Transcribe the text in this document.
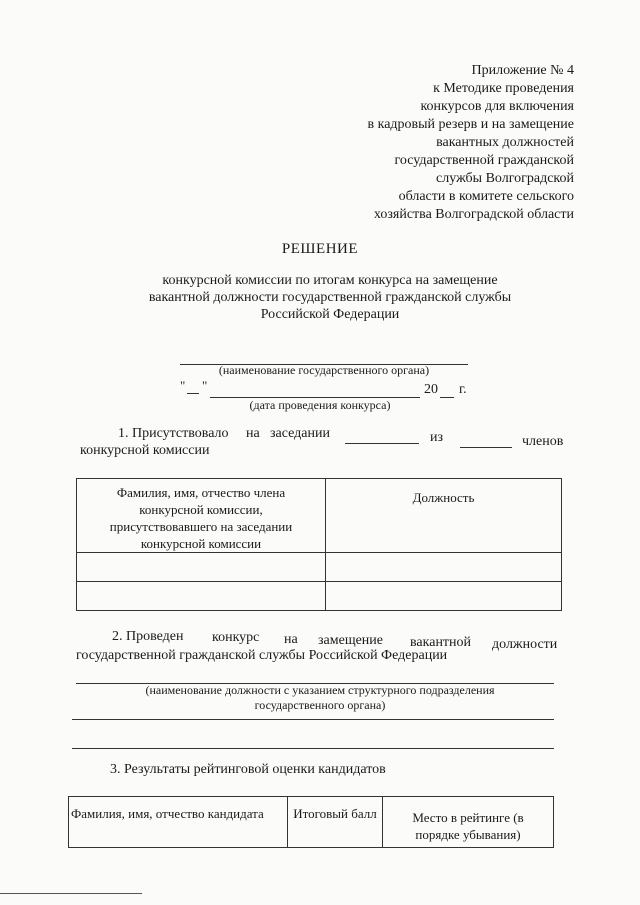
Приложение № 4
к Методике проведения
конкурсов для включения
в кадровый резерв и на замещение
вакантных должностей
государственной гражданской
службы Волгоградской
области в комитете сельского
хозяйства Волгоградской области
РЕШЕНИЕ
конкурсной комиссии по итогам конкурса на замещение
вакантной должности государственной гражданской службы
Российской Федерации
(наименование государственного органа)
" "	20 г.
(дата проведения конкурса)
1. Присутствовало на заседании	из	членов
конкурсной комиссии
Фамилия, имя, отчество члена конкурсной комиссии, присутствовавшего на заседании конкурсной комиссии	Должность

2. Проведен конкурс на замещение вакантной должности
государственной гражданской службы Российской Федерации
(наименование должности с указанием структурного подразделения
государственного органа)
3. Результаты рейтинговой оценки кандидатов
Фамилия, имя, отчество кандидата	Итоговый балл	Место в рейтинге (в порядке убывания)
